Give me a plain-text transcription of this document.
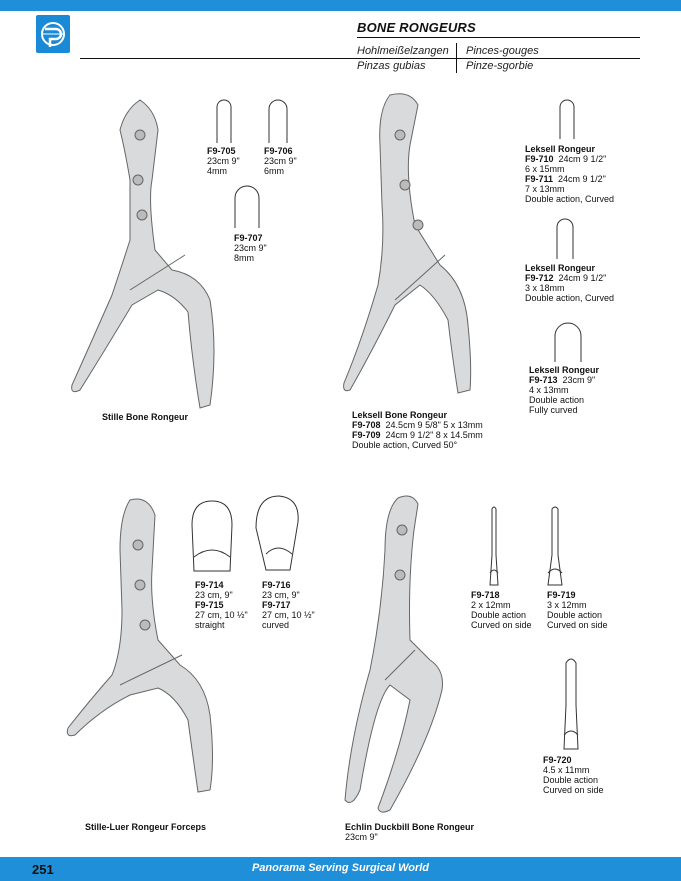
BONE RONGEURS
Hohlmeißelzangen Pinces-gouges
Pinzas gubias	Pinze-sgorbie
F9-705
23cm 9"
4mm
F9-706
23cm 9"
6mm
F9-707
23cm 9"
8mm
Stille Bone Rongeur	Leksell Bone Rongeur
F9-708 24.5cm 9 5/8" 5 x 13mm
F9-709 24cm 9 1/2" 8 x 14.5mm
Double action, Curved 50°
Leksell Rongeur
F9-710 24cm 9 1/2"
6 x 15mm
F9-711 24cm 9 1/2"
7 x 13mm
Double action, Curved
Leksell Rongeur
F9-712 24cm 9 1/2"
3 x 18mm
Double action, Curved
Leksell Rongeur
F9-713 23cm 9"
4 x 13mm
Double action
Fully curved
F9-714
23 cm, 9"
F9-715
27 cm, 10 ½"
straight
F9-716
23 cm, 9"
F9-717
27 cm, 10 ½"
curved
Stille-Luer Rongeur Forceps
F9-718
2 x 12mm
Double action
Curved on side
F9-719
3 x 12mm
Double action
Curved on side
F9-720
4.5 x 11mm
Double action
Curved on side
Echlin Duckbill Bone Rongeur
23cm 9"
251	Panorama Serving Surgical World
